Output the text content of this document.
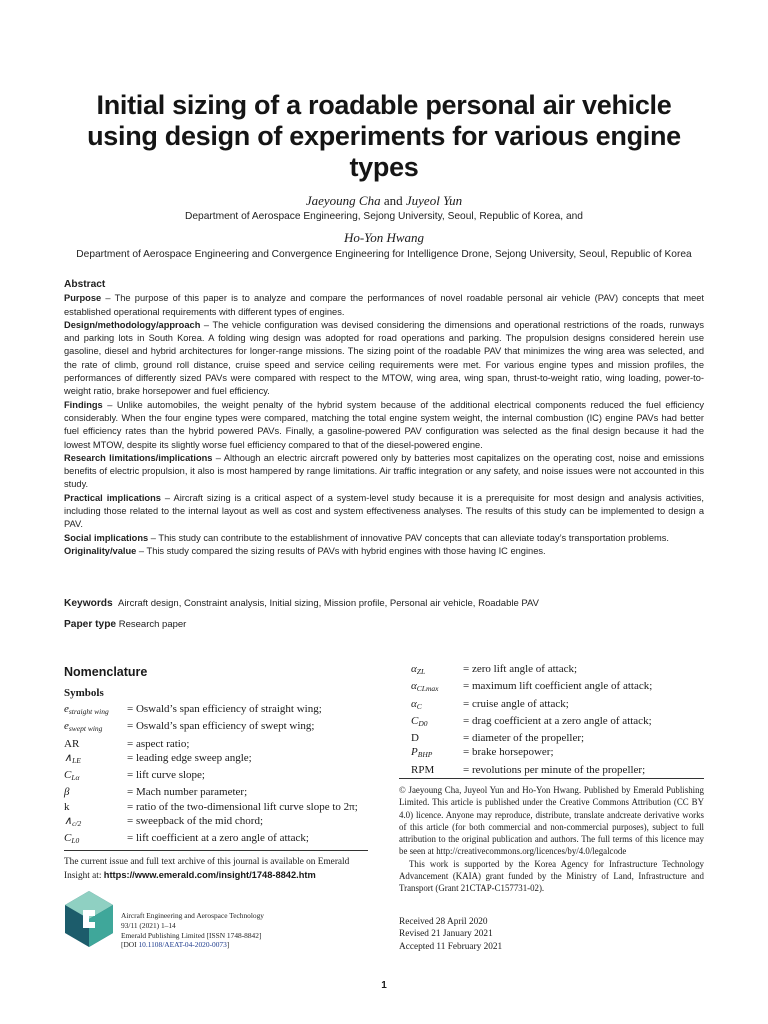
Initial sizing of a roadable personal air vehicle using design of experiments for various engine types
Jaeyoung Cha and Juyeol Yun
Department of Aerospace Engineering, Sejong University, Seoul, Republic of Korea, and
Ho-Yon Hwang
Department of Aerospace Engineering and Convergence Engineering for Intelligence Drone, Sejong University, Seoul, Republic of Korea
Abstract

Purpose – The purpose of this paper is to analyze and compare the performances of novel roadable personal air vehicle (PAV) concepts that meet established operational requirements with different types of engines.

Design/methodology/approach – The vehicle configuration was devised considering the dimensions and operational restrictions of the roads, runways and parking lots in South Korea. A folding wing design was adopted for road operations and parking. The propulsion designs considered herein use gasoline, diesel and hybrid architectures for longer-range missions. The sizing point of the roadable PAV that minimizes the wing area was selected, and the rate of climb, ground roll distance, cruise speed and service ceiling requirements were met. For various engine types and mission profiles, the performances of differently sized PAVs were compared with respect to the MTOW, wing area, wing span, thrust-to-weight ratio, wing loading, power-to-weight ratio, brake horsepower and fuel efficiency.

Findings – Unlike automobiles, the weight penalty of the hybrid system because of the additional electrical components reduced the fuel efficiency considerably. When the four engine types were compared, matching the total engine system weight, the internal combustion (IC) engine PAVs had better fuel efficiency rates than the hybrid powered PAVs. Finally, a gasoline-powered PAV configuration was selected as the final design because it had the lowest MTOW, despite its slightly worse fuel efficiency compared to that of the diesel-powered engine.

Research limitations/implications – Although an electric aircraft powered only by batteries most capitalizes on the operating cost, noise and emissions benefits of electric propulsion, it also is most hampered by range limitations. Air traffic integration or any safety, and noise issues were not accounted in this study.

Practical implications – Aircraft sizing is a critical aspect of a system-level study because it is a prerequisite for most design and analysis activities, including those related to the internal layout as well as cost and system effectiveness analyses. The results of this study can be implemented to design a PAV.

Social implications – This study can contribute to the establishment of innovative PAV concepts that can alleviate today’s transportation problems.

Originality/value – This study compared the sizing results of PAVs with hybrid engines with those having IC engines.

Keywords Aircraft design, Constraint analysis, Initial sizing, Mission profile, Personal air vehicle, Roadable PAV
Paper type Research paper
Nomenclature
Symbols
$e_{straight wing}$	= Oswald’s span efficiency of straight wing;
$e_{swept wing}$	= Oswald’s span efficiency of swept wing;
AR	= aspect ratio;
$\wedge_{LE}$	= leading edge sweep angle;
$C_{L\alpha}$	= lift curve slope;
β	= Mach number parameter;
k	= ratio of the two-dimensional lift curve slope to 2π;
$\wedge_{c/2}$	= sweepback of the mid chord;
$C_{L0}$	= lift coefficient at a zero angle of attack;
$\alpha_{ZL}$	= zero lift angle of attack;
$\alpha_{CLmax}$	= maximum lift coefficient angle of attack;
$\alpha_C$	= cruise angle of attack;
$C_{D0}$	= drag coefficient at a zero angle of attack;
D	= diameter of the propeller;
$P_{BHP}$	= brake horsepower;
RPM	= revolutions per minute of the propeller;
The current issue and full text archive of this journal is available on Emerald Insight at: https://www.emerald.com/insight/1748-8842.htm
Aircraft Engineering and Aerospace Technology
93/11 (2021) 1–14
Emerald Publishing Limited [ISSN 1748-8842]
[DOI 10.1108/AEAT-04-2020-0073]

© Jaeyoung Cha, Juyeol Yun and Ho-Yon Hwang. Published by Emerald Publishing Limited. This article is published under the Creative Commons Attribution (CC BY 4.0) licence. Anyone may reproduce, distribute, translate andcreate derivative works of this article (for both commercial and non-commercial purposes), subject to full attribution to the original publication and authors. The full terms of this licence may be seen at http://creativecommons.org/licences/by/4.0/legalcode

This work is supported by the Korea Agency for Infrastructure Technology Advancement (KAIA) grant funded by the Ministry of Land, Infrastructure and Transport (Grant 21CTAP-C157731-02).

Received 28 April 2020
Revised 21 January 2021
Accepted 11 February 2021
1
